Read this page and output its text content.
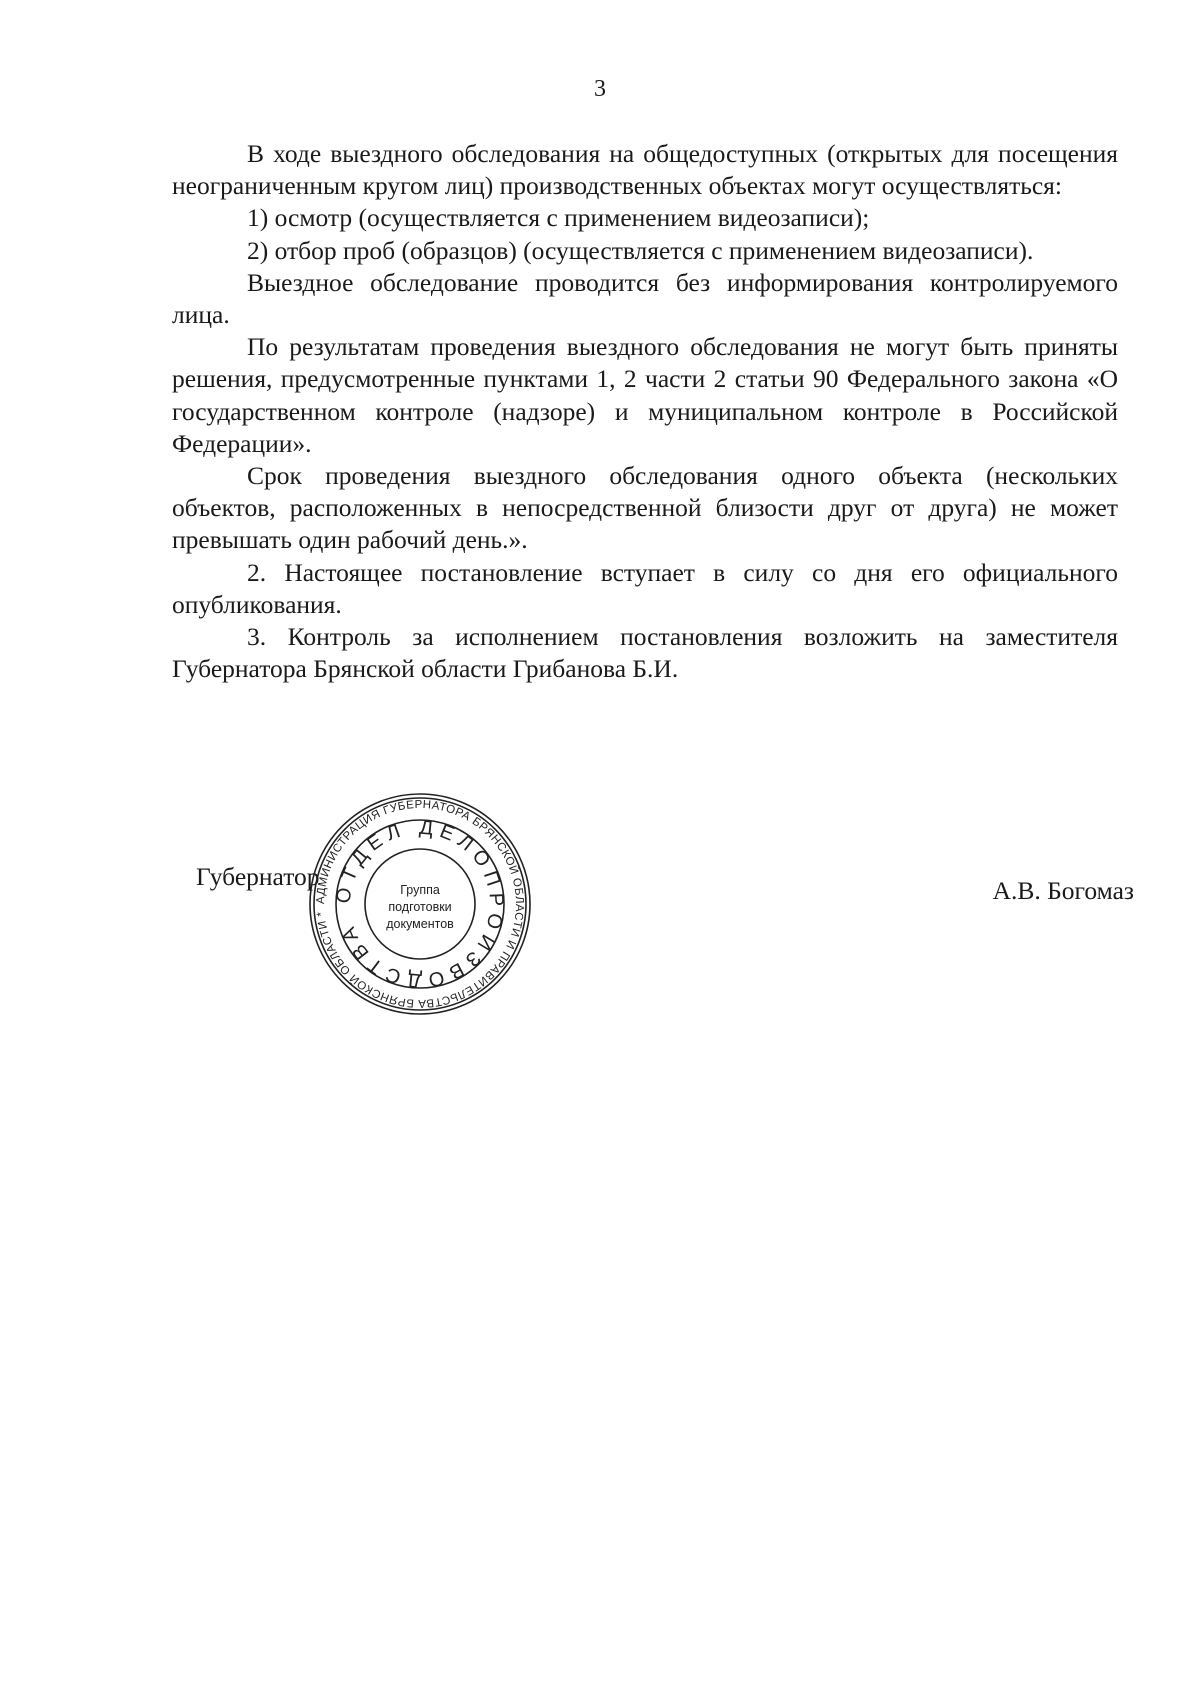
3

В ходе выездного обследования на общедоступных (открытых для посещения неограниченным кругом лиц) производственных объектах могут осуществляться:

1) осмотр (осуществляется с применением видеозаписи);

2) отбор проб (образцов) (осуществляется с применением видеозаписи).

Выездное обследование проводится без информирования контролируемого лица.

По результатам проведения выездного обследования не могут быть приняты решения, предусмотренные пунктами 1, 2 части 2 статьи 90 Федерального закона «О государственном контроле (надзоре) и муниципальном контроле в Российской Федерации».

Срок проведения выездного обследования одного объекта (нескольких объектов, расположенных в непосредственной близости друг от друга) не может превышать один рабочий день.».

2. Настоящее постановление вступает в силу со дня его официального опубликования.

3. Контроль за исполнением постановления возложить на заместителя Губернатора Брянской области Грибанова Б.И.

Губернатор
АДМИНИСТРАЦИЯ ГУБЕРНАТОРА БРЯНСКОЙ ОБЛАСТИ И ПРАВИТЕЛЬСТВА БРЯНСКОЙ ОБЛАСТИ *
ОТДЕЛ ДЕЛОПРОИЗВОДСТВА
Группа
подготовки
документов
А.В. Богомаз
